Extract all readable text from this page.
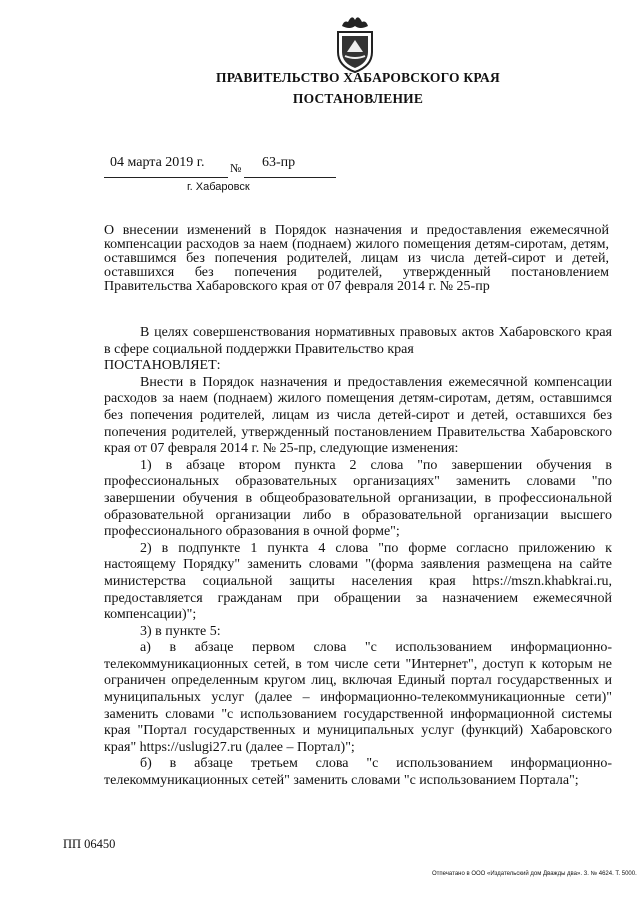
ПРАВИТЕЛЬСТВО ХАБАРОВСКОГО КРАЯ
ПОСТАНОВЛЕНИЕ
04 марта 2019 г. № 63-пр
г. Хабаровск
О внесении изменений в Порядок назначения и предоставления ежемесячной компенсации расходов за наем (поднаем) жилого помещения детям-сиротам, детям, оставшимся без попечения родителей, лицам из числа детей-сирот и детей, оставшихся без попечения родителей, утвержденный постановлением Правительства Хабаровского края от 07 февраля 2014 г. № 25-пр

В целях совершенствования нормативных правовых актов Хабаровского края в сфере социальной поддержки Правительство края

ПОСТАНОВЛЯЕТ:

Внести в Порядок назначения и предоставления ежемесячной компенсации расходов за наем (поднаем) жилого помещения детям-сиротам, детям, оставшимся без попечения родителей, лицам из числа детей-сирот и детей, оставшихся без попечения родителей, утвержденный постановлением Правительства Хабаровского края от 07 февраля 2014 г. № 25-пр, следующие изменения:

1) в абзаце втором пункта 2 слова "по завершении обучения в профессиональных образовательных организациях" заменить словами "по завершении обучения в общеобразовательной организации, в профессиональной образовательной организации либо в образовательной организации высшего профессионального образования в очной форме";

2) в подпункте 1 пункта 4 слова "по форме согласно приложению к настоящему Порядку" заменить словами "(форма заявления размещена на сайте министерства социальной защиты населения края https://mszn.khabkrai.ru, предоставляется гражданам при обращении за назначением ежемесячной компенсации)";

3) в пункте 5:

а) в абзаце первом слова "с использованием информационно-телекоммуникационных сетей, в том числе сети "Интернет", доступ к которым не ограничен определенным кругом лиц, включая Единый портал государственных и муниципальных услуг (далее – информационно-телекоммуникационные сети)" заменить словами "с использованием государственной информационной системы края "Портал государственных и муниципальных услуг (функций) Хабаровского края" https://uslugi27.ru (далее – Портал)";

б) в абзаце третьем слова "с использованием информационно-телекоммуникационных сетей" заменить словами "с использованием Портала";

ПП 06450
Отпечатано в ООО «Издательский дом Дважды два». З. № 4624. Т. 5000.
